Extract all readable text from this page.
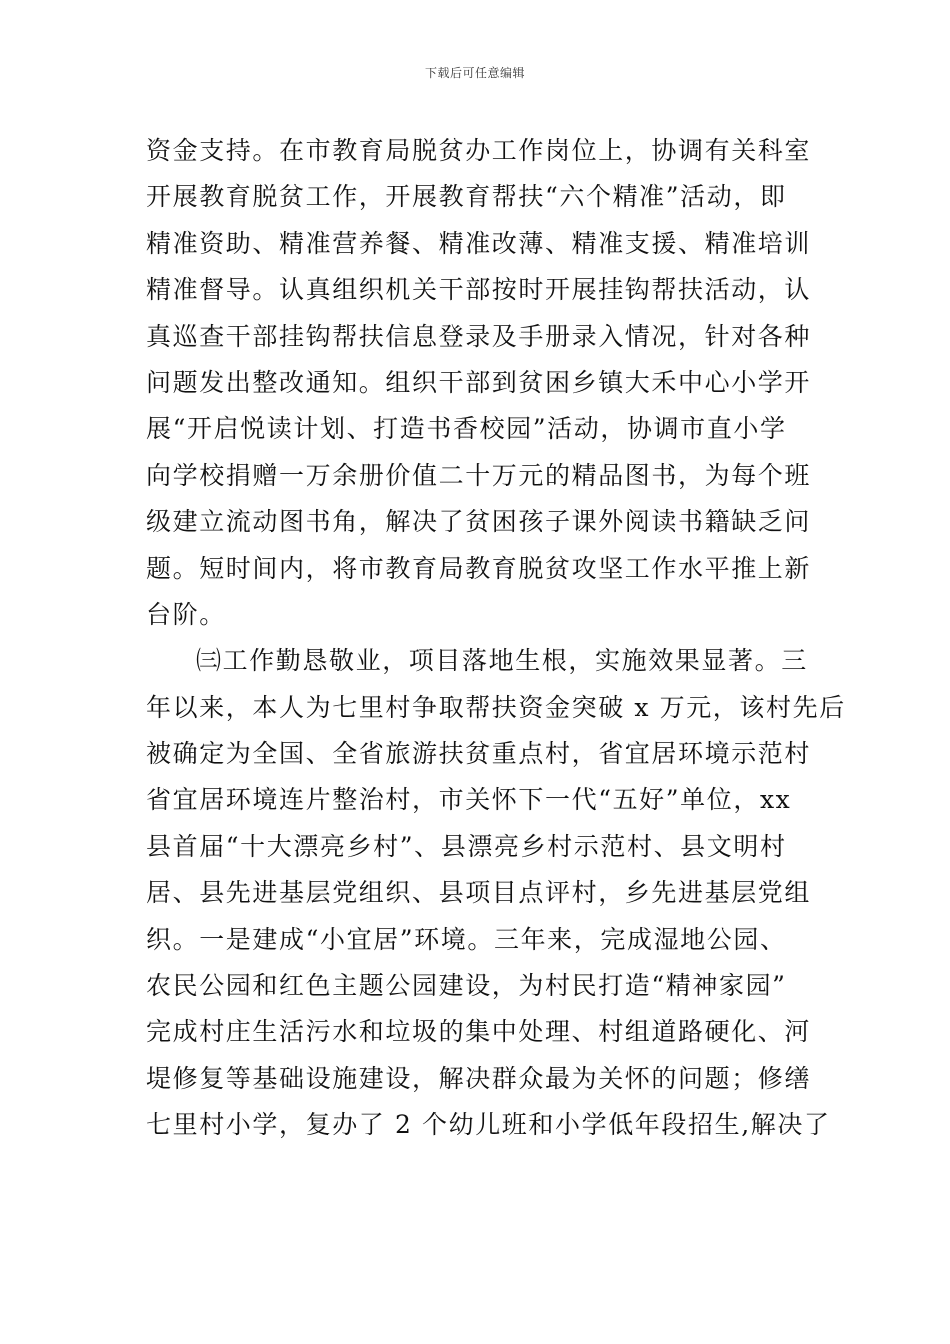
下载后可任意编辑
资金支持。在市教育局脱贫办工作岗位上，协调有关科室
开展教育脱贫工作，开展教育帮扶“六个精准”活动，即
精准资助、精准营养餐、精准改薄、精准支援、精准培训
精准督导。认真组织机关干部按时开展挂钩帮扶活动，认
真巡查干部挂钩帮扶信息登录及手册录入情况，针对各种
问题发出整改通知。组织干部到贫困乡镇大禾中心小学开
展“开启悦读计划、打造书香校园”活动，协调市直小学
向学校捐赠一万余册价值二十万元的精品图书，为每个班
级建立流动图书角，解决了贫困孩子课外阅读书籍缺乏问
题。短时间内，将市教育局教育脱贫攻坚工作水平推上新
台阶。
㈢工作勤恳敬业，项目落地生根，实施效果显著。三
年以来，本人为七里村争取帮扶资金突破 x 万元，该村先后
被确定为全国、全省旅游扶贫重点村，省宜居环境示范村
省宜居环境连片整治村，市关怀下一代“五好”单位，xx
县首届“十大漂亮乡村”、县漂亮乡村示范村、县文明村
居、县先进基层党组织、县项目点评村，乡先进基层党组
织。一是建成“小宜居”环境。三年来，完成湿地公园、
农民公园和红色主题公园建设，为村民打造“精神家园”
完成村庄生活污水和垃圾的集中处理、村组道路硬化、河
堤修复等基础设施建设，解决群众最为关怀的问题；修缮
七里村小学，复办了 2 个幼儿班和小学低年段招生,解决了
